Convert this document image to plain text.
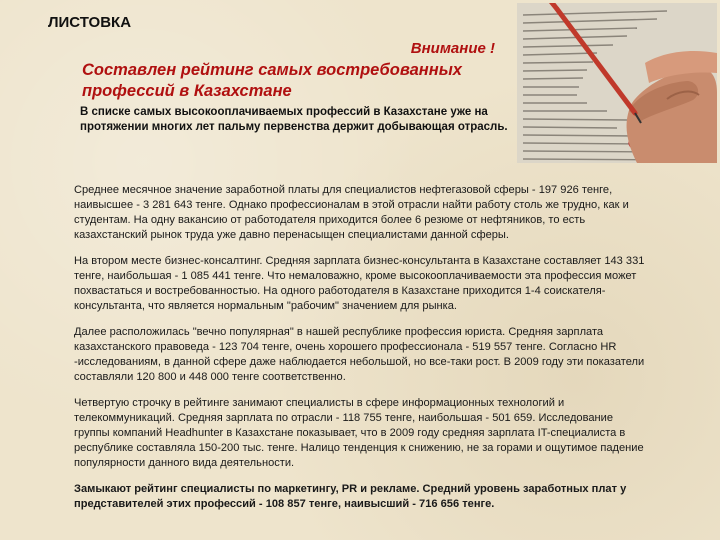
ЛИСТОВКА
Внимание !
Составлен рейтинг самых востребованных профессий в Казахстане
В списке самых высокооплачиваемых профессий в Казахстане уже на протяжении многих лет пальму первенства держит добывающая отрасль.

Среднее месячное значение заработной платы для специалистов нефтегазовой сферы - 197 926 тенге, наивысшее - 3 281 643 тенге. Однако профессионалам в этой отрасли найти работу столь же трудно, как и студентам. На одну вакансию от работодателя приходится более 6 резюме от нефтяников, то есть казахстанский рынок труда уже давно перенасыщен специалистами данной сферы.

На втором месте бизнес-консалтинг. Средняя зарплата бизнес-консультанта в Казахстане составляет 143 331 тенге, наибольшая - 1 085 441 тенге. Что немаловажно, кроме высокооплачиваемости эта профессия может похвастаться и востребованностью. На одного работодателя в Казахстане приходится 1-4 соискателя-консультанта, что является нормальным "рабочим" значением для рынка.

Далее расположилась "вечно популярная" в нашей республике профессия юриста. Средняя зарплата казахстанского правоведа - 123 704 тенге, очень хорошего профессионала - 519 557 тенге. Согласно HR -исследованиям, в данной сфере даже наблюдается небольшой, но все-таки рост. В 2009 году эти показатели составляли 120 800 и 448 000 тенге соответственно.

Четвертую строчку в рейтинге занимают специалисты в сфере информационных технологий и телекоммуникаций. Средняя зарплата по отрасли - 118 755 тенге, наибольшая - 501 659. Исследование группы компаний Headhunter в Казахстане показывает, что в 2009 году средняя зарплата IT-специалиста в республике составляла 150-200 тыс. тенге. Налицо тенденция к снижению, не за горами и ощутимое падение популярности данного вида деятельности.

Замыкают рейтинг специалисты по маркетингу, PR и рекламе. Средний уровень заработных плат у представителей этих профессий - 108 857 тенге, наивысший - 716 656 тенге.
